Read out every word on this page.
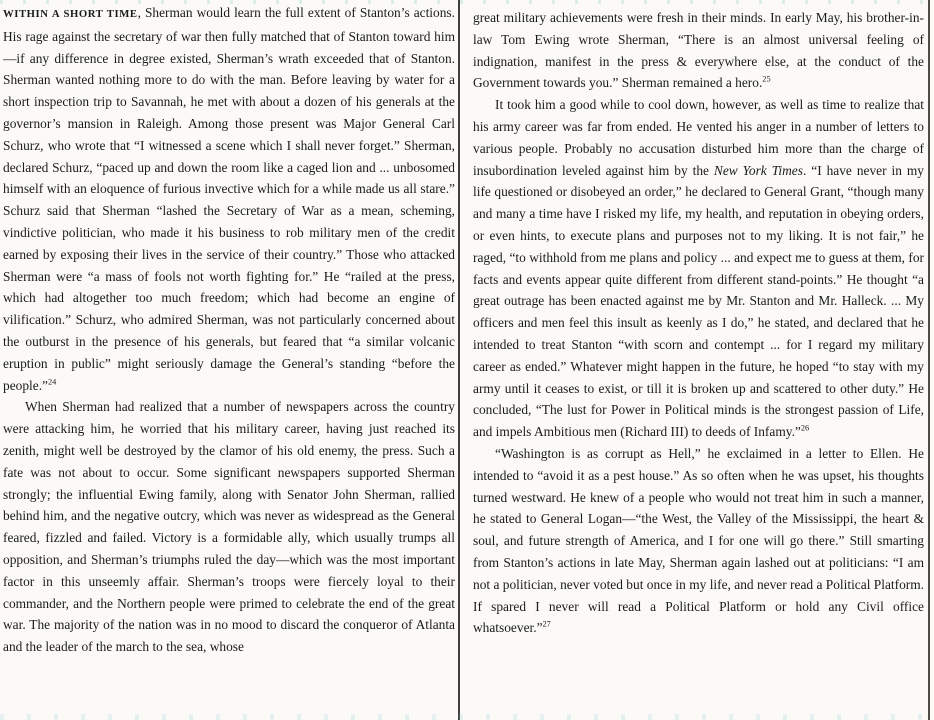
WITHIN A SHORT TIME, Sherman would learn the full extent of Stanton’s actions. His rage against the secretary of war then fully matched that of Stanton toward him—if any difference in degree existed, Sherman’s wrath exceeded that of Stanton. Sherman wanted nothing more to do with the man. Before leaving by water for a short inspection trip to Savannah, he met with about a dozen of his generals at the governor’s mansion in Raleigh. Among those present was Major General Carl Schurz, who wrote that “I witnessed a scene which I shall never forget.” Sherman, declared Schurz, “paced up and down the room like a caged lion and ... unbosomed himself with an eloquence of furious invective which for a while made us all stare.” Schurz said that Sherman “lashed the Secretary of War as a mean, scheming, vindictive politician, who made it his business to rob military men of the credit earned by exposing their lives in the service of their country.” Those who attacked Sherman were “a mass of fools not worth fighting for.” He “railed at the press, which had altogether too much freedom; which had become an engine of vilification.” Schurz, who admired Sherman, was not particularly concerned about the outburst in the presence of his generals, but feared that “a similar volcanic eruption in public” might seriously damage the General’s standing “before the people.”$^{24}$

When Sherman had realized that a number of newspapers across the country were attacking him, he worried that his military career, having just reached its zenith, might well be destroyed by the clamor of his old enemy, the press. Such a fate was not about to occur. Some significant newspapers supported Sherman strongly; the influential Ewing family, along with Senator John Sherman, rallied behind him, and the negative outcry, which was never as widespread as the General feared, fizzled and failed. Victory is a formidable ally, which usually trumps all opposition, and Sherman’s triumphs ruled the day—which was the most important factor in this unseemly affair. Sherman’s troops were fiercely loyal to their commander, and the Northern people were primed to celebrate the end of the great war. The majority of the nation was in no mood to discard the conqueror of Atlanta and the leader of the march to the sea, whose

great military achievements were fresh in their minds. In early May, his brother-in-law Tom Ewing wrote Sherman, “There is an almost universal feeling of indignation, manifest in the press & everywhere else, at the conduct of the Government towards you.” Sherman remained a hero.$^{25}$

It took him a good while to cool down, however, as well as time to realize that his army career was far from ended. He vented his anger in a number of letters to various people. Probably no accusation disturbed him more than the charge of insubordination leveled against him by the New York Times. “I have never in my life questioned or disobeyed an order,” he declared to General Grant, “though many and many a time have I risked my life, my health, and reputation in obeying orders, or even hints, to execute plans and purposes not to my liking. It is not fair,” he raged, “to withhold from me plans and policy ... and expect me to guess at them, for facts and events appear quite different from different stand-points.” He thought “a great outrage has been enacted against me by Mr. Stanton and Mr. Halleck. ... My officers and men feel this insult as keenly as I do,” he stated, and declared that he intended to treat Stanton “with scorn and contempt ... for I regard my military career as ended.” Whatever might happen in the future, he hoped “to stay with my army until it ceases to exist, or till it is broken up and scattered to other duty.” He concluded, “The lust for Power in Political minds is the strongest passion of Life, and impels Ambitious men (Richard III) to deeds of Infamy.”$^{26}$

“Washington is as corrupt as Hell,” he exclaimed in a letter to Ellen. He intended to “avoid it as a pest house.” As so often when he was upset, his thoughts turned westward. He knew of a people who would not treat him in such a manner, he stated to General Logan—“the West, the Valley of the Mississippi, the heart & soul, and future strength of America, and I for one will go there.” Still smarting from Stanton’s actions in late May, Sherman again lashed out at politicians: “I am not a politician, never voted but once in my life, and never read a Political Platform. If spared I never will read a Political Platform or hold any Civil office whatsoever.”$^{27}$
